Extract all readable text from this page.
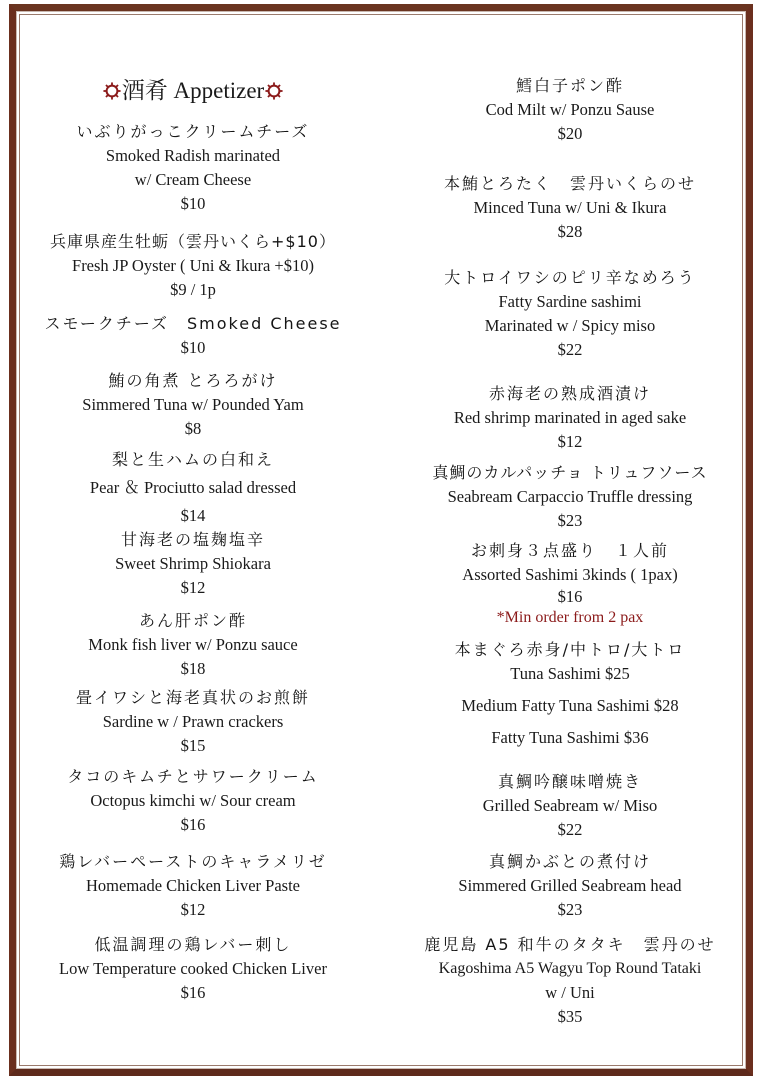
酒肴 Appetizer
いぶりがっこクリームチーズ
Smoked Radish marinated
w/ Cream Cheese
$10
兵庫県産生牡蛎（雲丹いくら+$10）
Fresh JP Oyster ( Uni & Ikura +$10)
$9 / 1p
スモークチーズ　Smoked Cheese
$10
鮪の角煮 とろろがけ
Simmered Tuna w/ Pounded Yam
$8
梨と生ハムの白和え
Pear ＆ Prociutto salad dressed
$14
甘海老の塩麹塩辛
Sweet Shrimp Shiokara
$12
あん肝ポン酢
Monk fish liver w/ Ponzu sauce
$18
畳イワシと海老真状のお煎餅
Sardine w / Prawn crackers
$15
タコのキムチとサワークリーム
Octopus kimchi w/ Sour cream
$16
鶏レバーペーストのキャラメリゼ
Homemade Chicken Liver Paste
$12
低温調理の鶏レバー刺し
Low Temperature cooked Chicken Liver
$16
鱈白子ポン酢
Cod Milt w/ Ponzu Sause
$20
本鮪とろたく　雲丹いくらのせ
Minced Tuna w/ Uni & Ikura
$28
大トロイワシのピリ辛なめろう
Fatty Sardine sashimi
Marinated w / Spicy miso
$22
赤海老の熟成酒漬け
Red shrimp marinated in aged sake
$12
真鯛のカルパッチョ トリュフソース
Seabream Carpaccio Truffle dressing
$23
お刺身３点盛り　１人前
Assorted Sashimi 3kinds ( 1pax)
$16
*Min order from 2 pax
本まぐろ赤身/中トロ/大トロ
Tuna Sashimi $25
Medium Fatty Tuna Sashimi $28
Fatty Tuna Sashimi $36
真鯛吟醸味噌焼き
Grilled Seabream w/ Miso
$22
真鯛かぶとの煮付け
Simmered Grilled Seabream head
$23
鹿児島 A5 和牛のタタキ　雲丹のせ
Kagoshima A5 Wagyu Top Round Tataki
w / Uni
$35
